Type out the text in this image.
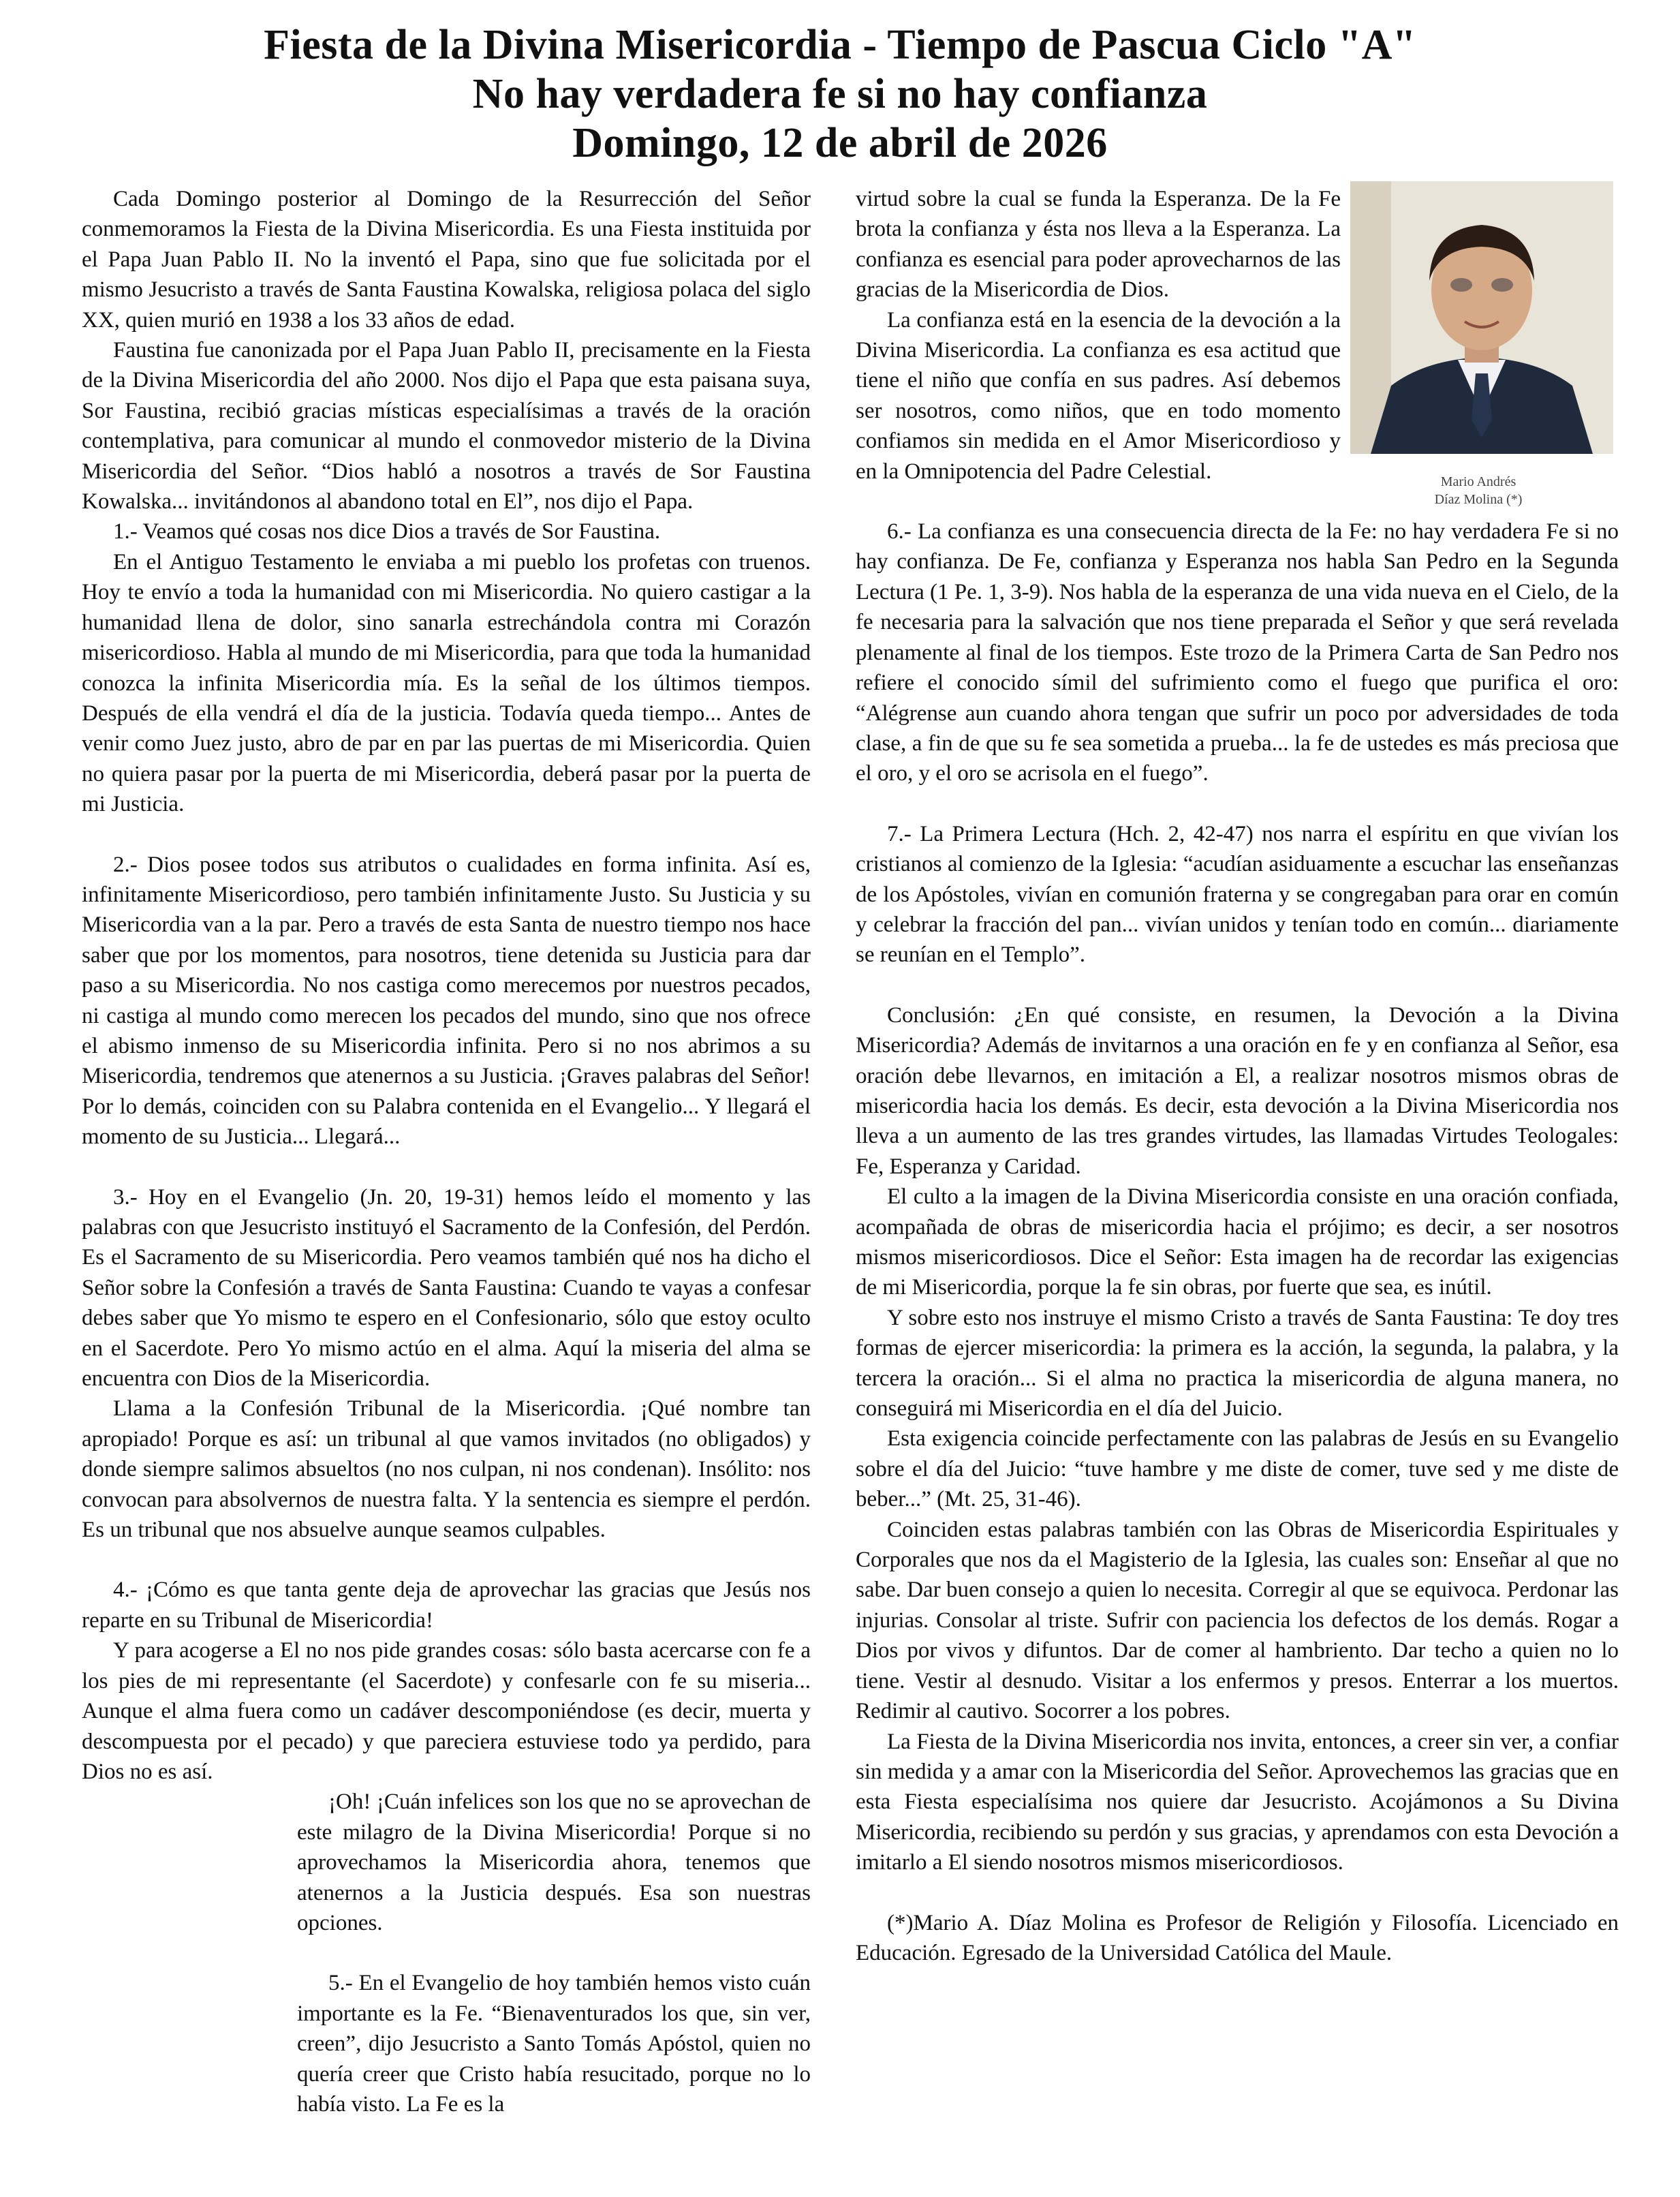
Fiesta de la Divina Misericordia - Tiempo de Pascua Ciclo "A"
No hay verdadera fe si no hay confianza
Domingo, 12 de abril de 2026

Cada Domingo posterior al Domingo de la Resurrección del Señor conmemoramos la Fiesta de la Divina Misericordia. Es una Fiesta instituida por el Papa Juan Pablo II. No la inventó el Papa, sino que fue solicitada por el mismo Jesucristo a través de Santa Faustina Kowalska, religiosa polaca del siglo XX, quien murió en 1938 a los 33 años de edad.

Faustina fue canonizada por el Papa Juan Pablo II, precisamente en la Fiesta de la Divina Misericordia del año 2000. Nos dijo el Papa que esta paisana suya, Sor Faustina, recibió gracias místicas especialísimas a través de la oración contemplativa, para comunicar al mundo el conmovedor misterio de la Divina Misericordia del Señor. “Dios habló a nosotros a través de Sor Faustina Kowalska... invitándonos al abandono total en El”, nos dijo el Papa.

1.- Veamos qué cosas nos dice Dios a través de Sor Faustina.

En el Antiguo Testamento le enviaba a mi pueblo los profetas con truenos. Hoy te envío a toda la humanidad con mi Misericordia. No quiero castigar a la humanidad llena de dolor, sino sanarla estrechándola contra mi Corazón misericordioso. Habla al mundo de mi Misericordia, para que toda la humanidad conozca la infinita Misericordia mía. Es la señal de los últimos tiempos. Después de ella vendrá el día de la justicia. Todavía queda tiempo... Antes de venir como Juez justo, abro de par en par las puertas de mi Misericordia. Quien no quiera pasar por la puerta de mi Misericordia, deberá pasar por la puerta de mi Justicia.

2.- Dios posee todos sus atributos o cualidades en forma infinita. Así es, infinitamente Misericordioso, pero también infinitamente Justo. Su Justicia y su Misericordia van a la par. Pero a través de esta Santa de nuestro tiempo nos hace saber que por los momentos, para nosotros, tiene detenida su Justicia para dar paso a su Misericordia. No nos castiga como merecemos por nuestros pecados, ni castiga al mundo como merecen los pecados del mundo, sino que nos ofrece el abismo inmenso de su Misericordia infinita. Pero si no nos abrimos a su Misericordia, tendremos que atenernos a su Justicia. ¡Graves palabras del Señor! Por lo demás, coinciden con su Palabra contenida en el Evangelio... Y llegará el momento de su Justicia... Llegará...

3.- Hoy en el Evangelio (Jn. 20, 19-31) hemos leído el momento y las palabras con que Jesucristo instituyó el Sacramento de la Confesión, del Perdón. Es el Sacramento de su Misericordia. Pero veamos también qué nos ha dicho el Señor sobre la Confesión a través de Santa Faustina: Cuando te vayas a confesar debes saber que Yo mismo te espero en el Confesionario, sólo que estoy oculto en el Sacerdote. Pero Yo mismo actúo en el alma. Aquí la miseria del alma se encuentra con Dios de la Misericordia.

Llama a la Confesión Tribunal de la Misericordia. ¡Qué nombre tan apropiado! Porque es así: un tribunal al que vamos invitados (no obligados) y donde siempre salimos absueltos (no nos culpan, ni nos condenan). Insólito: nos convocan para absolvernos de nuestra falta. Y la sentencia es siempre el perdón. Es un tribunal que nos absuelve aunque seamos culpables.

4.- ¡Cómo es que tanta gente deja de aprovechar las gracias que Jesús nos reparte en su Tribunal de Misericordia!

Y para acogerse a El no nos pide grandes cosas: sólo basta acercarse con fe a los pies de mi representante (el Sacerdote) y confesarle con fe su miseria... Aunque el alma fuera como un cadáver descomponiéndose (es decir, muerta y descompuesta por el pecado) y que pareciera estuviese todo ya perdido, para Dios no es así.

¡Oh! ¡Cuán infelices son los que no se aprovechan de este milagro de la Divina Misericordia! Porque si no aprovechamos la Misericordia ahora, tenemos que atenernos a la Justicia después. Esa son nuestras opciones.

5.- En el Evangelio de hoy también hemos visto cuán importante es la Fe. “Bienaventurados los que, sin ver, creen”, dijo Jesucristo a Santo Tomás Apóstol, quien no quería creer que Cristo había resucitado, porque no lo había visto. La Fe es la

Mario Andrés
Díaz Molina (*)

virtud sobre la cual se funda la Esperanza. De la Fe brota la confianza y ésta nos lleva a la Esperanza. La confianza es esencial para poder aprovecharnos de las gracias de la Misericordia de Dios.

La confianza está en la esencia de la devoción a la Divina Misericordia. La confianza es esa actitud que tiene el niño que confía en sus padres. Así debemos ser nosotros, como niños, que en todo momento confiamos sin medida en el Amor Misericordioso y en la Omnipotencia del Padre Celestial.

6.- La confianza es una consecuencia directa de la Fe: no hay verdadera Fe si no hay confianza. De Fe, confianza y Esperanza nos habla San Pedro en la Segunda Lectura (1 Pe. 1, 3-9). Nos habla de la esperanza de una vida nueva en el Cielo, de la fe necesaria para la salvación que nos tiene preparada el Señor y que será revelada plenamente al final de los tiempos. Este trozo de la Primera Carta de San Pedro nos refiere el conocido símil del sufrimiento como el fuego que purifica el oro: “Alégrense aun cuando ahora tengan que sufrir un poco por adversidades de toda clase, a fin de que su fe sea sometida a prueba... la fe de ustedes es más preciosa que el oro, y el oro se acrisola en el fuego”.

7.- La Primera Lectura (Hch. 2, 42-47) nos narra el espíritu en que vivían los cristianos al comienzo de la Iglesia: “acudían asiduamente a escuchar las enseñanzas de los Apóstoles, vivían en comunión fraterna y se congregaban para orar en común y celebrar la fracción del pan... vivían unidos y tenían todo en común... diariamente se reunían en el Templo”.

Conclusión: ¿En qué consiste, en resumen, la Devoción a la Divina Misericordia? Además de invitarnos a una oración en fe y en confianza al Señor, esa oración debe llevarnos, en imitación a El, a realizar nosotros mismos obras de misericordia hacia los demás. Es decir, esta devoción a la Divina Misericordia nos lleva a un aumento de las tres grandes virtudes, las llamadas Virtudes Teologales: Fe, Esperanza y Caridad.

El culto a la imagen de la Divina Misericordia consiste en una oración confiada, acompañada de obras de misericordia hacia el prójimo; es decir, a ser nosotros mismos misericordiosos. Dice el Señor: Esta imagen ha de recordar las exigencias de mi Misericordia, porque la fe sin obras, por fuerte que sea, es inútil.

Y sobre esto nos instruye el mismo Cristo a través de Santa Faustina: Te doy tres formas de ejercer misericordia: la primera es la acción, la segunda, la palabra, y la tercera la oración... Si el alma no practica la misericordia de alguna manera, no conseguirá mi Misericordia en el día del Juicio.

Esta exigencia coincide perfectamente con las palabras de Jesús en su Evangelio sobre el día del Juicio: “tuve hambre y me diste de comer, tuve sed y me diste de beber...” (Mt. 25, 31-46).

Coinciden estas palabras también con las Obras de Misericordia Espirituales y Corporales que nos da el Magisterio de la Iglesia, las cuales son: Enseñar al que no sabe. Dar buen consejo a quien lo necesita. Corregir al que se equivoca. Perdonar las injurias. Consolar al triste. Sufrir con paciencia los defectos de los demás. Rogar a Dios por vivos y difuntos. Dar de comer al hambriento. Dar techo a quien no lo tiene. Vestir al desnudo. Visitar a los enfermos y presos. Enterrar a los muertos. Redimir al cautivo. Socorrer a los pobres.

La Fiesta de la Divina Misericordia nos invita, entonces, a creer sin ver, a confiar sin medida y a amar con la Misericordia del Señor. Aprovechemos las gracias que en esta Fiesta especialísima nos quiere dar Jesucristo. Acojámonos a Su Divina Misericordia, recibiendo su perdón y sus gracias, y aprendamos con esta Devoción a imitarlo a El siendo nosotros mismos misericordiosos.

(*)Mario A. Díaz Molina es Profesor de Religión y Filosofía. Licenciado en Educación. Egresado de la Universidad Católica del Maule.
